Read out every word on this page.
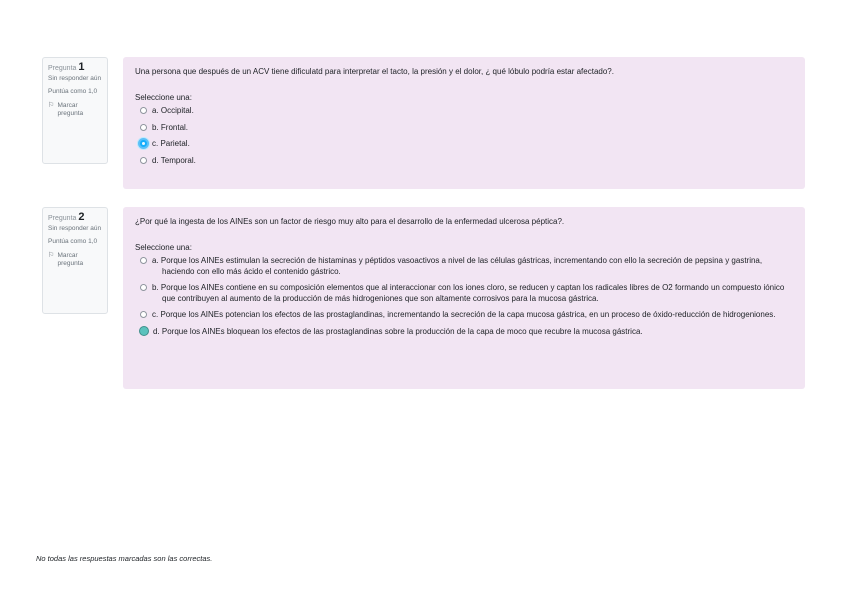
Pregunta 1
Sin responder aún
Puntúa como 1,0
⚐ Marcar pregunta
Una persona que después de un ACV tiene dificulatd para interpretar el tacto, la presión y el dolor, ¿ qué lóbulo podría estar afectado?.
Seleccione una:
a. Occipital.
b. Frontal.
c. Parietal.
d. Temporal.
Pregunta 2
Sin responder aún
Puntúa como 1,0
⚐ Marcar pregunta
¿Por qué la ingesta de los AINEs son un factor de riesgo muy alto para el desarrollo de la enfermedad ulcerosa péptica?.
Seleccione una:
a. Porque los AINEs estimulan la secreción de histaminas y péptidos vasoactivos a nivel de las células gástricas, incrementando con ello la secreción de pepsina y gastrina, haciendo con ello más ácido el contenido gástrico.
b. Porque los AINEs contiene en su composición elementos que al interaccionar con los iones cloro, se reducen y captan los radicales libres de O2 formando un compuesto iónico que contribuyen al aumento de la producción de más hidrogeniones que son altamente corrosivos para la mucosa gástrica.
c. Porque los AINEs potencian los efectos de las prostaglandinas, incrementando la secreción de la capa mucosa gástrica, en un proceso de óxido-reducción de hidrogeniones.
d. Porque los AINEs bloquean los efectos de las prostaglandinas sobre la producción de la capa de moco que recubre la mucosa gástrica.
No todas las respuestas marcadas son las correctas.
